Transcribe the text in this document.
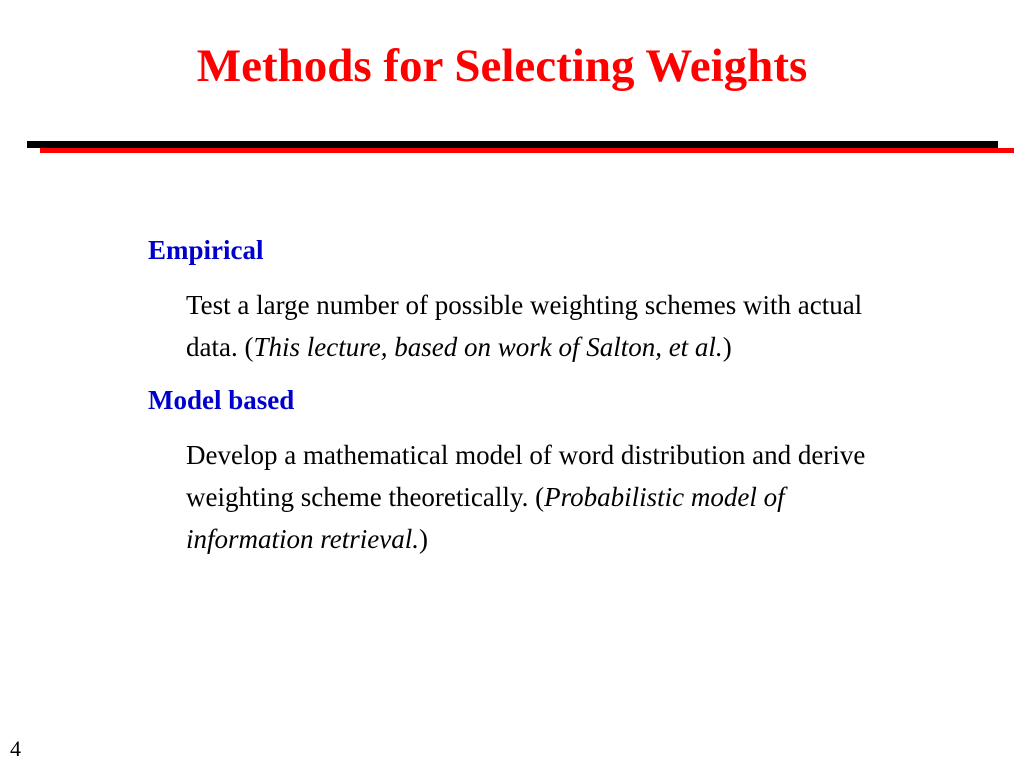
Methods for Selecting Weights

Empirical

Test a large number of possible weighting schemes with actual data. (This lecture, based on work of Salton, et al.)

Model based

Develop a mathematical model of word distribution and derive weighting scheme theoretically. (Probabilistic model of information retrieval.)

4
